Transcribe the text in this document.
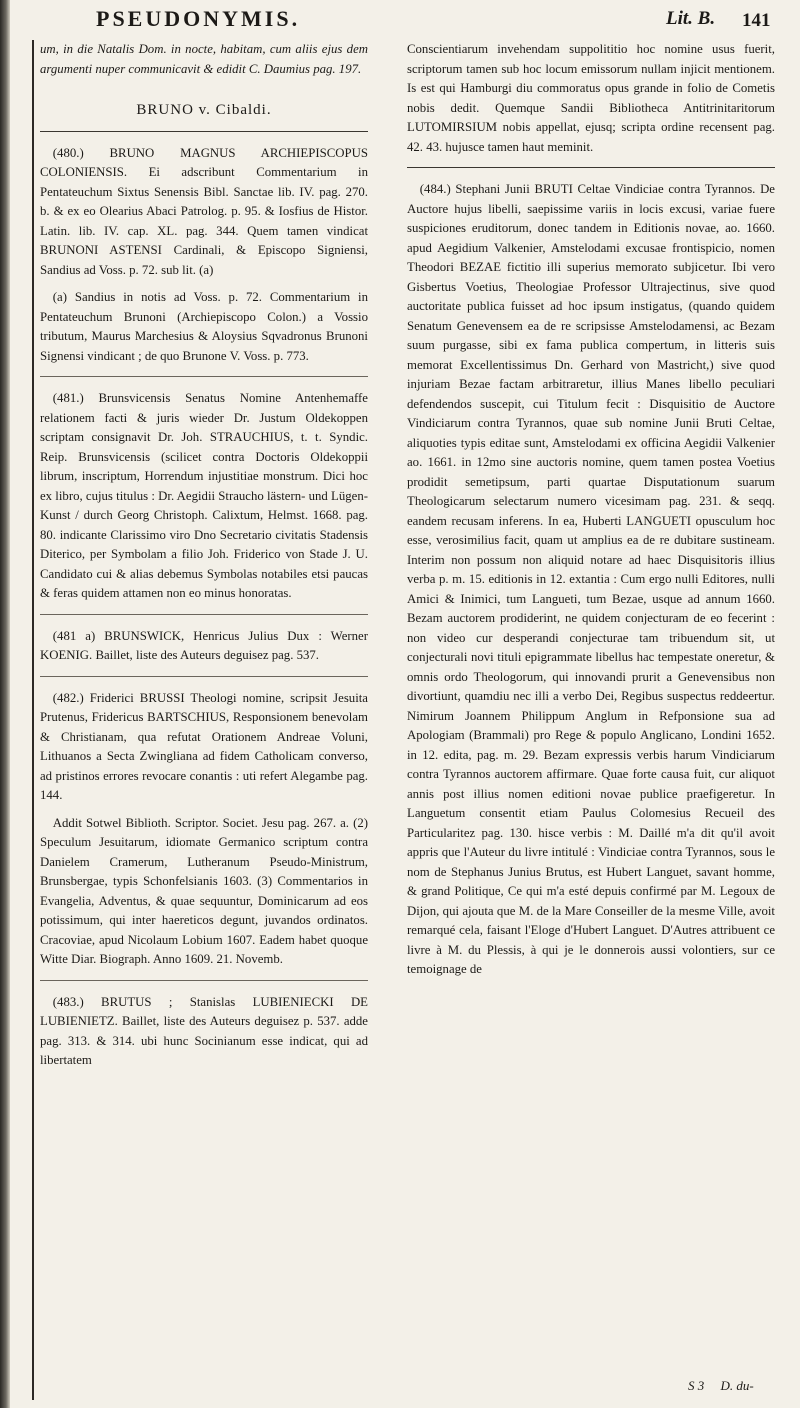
PSEUDONYMIS.	Lit. B. 141

um, in die Natalis Dom. in nocte, habitam, cum aliis ejus dem argumenti nuper communicavit & edidit C. Daumius pag. 197.

BRUNO v. Cibaldi.

(480.) BRUNO MAGNUS ARCHIEPISCOPUS COLONIENSIS. Ei adscribunt Commentarium in Pentateuchum Sixtus Senensis Bibl. Sanctae lib. IV. pag. 270. b. & ex eo Olearius Abaci Patrolog. p. 95. & Iosfius de Histor. Latin. lib. IV. cap. XL. pag. 344. Quem tamen vindicat BRUNONI ASTENSI Cardinali, & Episcopo Signiensi, Sandius ad Voss. p. 72. sub lit. (a)

(a) Sandius in notis ad Voss. p. 72. Commentarium in Pentateuchum Brunoni (Archiepiscopo Colon.) a Vossio tributum, Maurus Marchesius & Aloysius Sqvadronus Brunoni Signensi vindicant ; de quo Brunone V. Voss. p. 773.

(481.) Brunsvicensis Senatus Nomine Antenhemaffe relationem facti & juris wieder Dr. Justum Oldekoppen scriptam consignavit Dr. Joh. STRAUCHIUS, t. t. Syndic. Reip. Brunsvicensis (scilicet contra Doctoris Oldekoppii librum, inscriptum, Horrendum injustitiae monstrum. Dici hoc ex libro, cujus titulus : Dr. Aegidii Straucho lästern- und Lügen-Kunst / durch Georg Christoph. Calixtum, Helmst. 1668. pag. 80. indicante Clarissimo viro Dno Secretario civitatis Stadensis Diterico, per Symbolam a filio Joh. Friderico von Stade J. U. Candidato cui & alias debemus Symbolas notabiles etsi paucas & feras quidem attamen non eo minus honoratas.

(481 a) BRUNSWICK, Henricus Julius Dux : Werner KOENIG. Baillet, liste des Auteurs deguisez pag. 537.

(482.) Friderici BRUSSI Theologi nomine, scripsit Jesuita Prutenus, Fridericus BARTSCHIUS, Responsionem benevolam & Christianam, qua refutat Orationem Andreae Voluni, Lithuanos a Secta Zwingliana ad fidem Catholicam converso, ad pristinos errores revocare conantis : uti refert Alegambe pag. 144.

Addit Sotwel Biblioth. Scriptor. Societ. Jesu pag. 267. a. (2) Speculum Jesuitarum, idiomate Germanico scriptum contra Danielem Cramerum, Lutheranum Pseudo-Ministrum, Brunsbergae, typis Schonfelsianis 1603. (3) Commentarios in Evangelia, Adventus, & quae sequuntur, Dominicarum ad eos potissimum, qui inter haereticos degunt, juvandos ordinatos. Cracoviae, apud Nicolaum Lobium 1607. Eadem habet quoque Witte Diar. Biograph. Anno 1609. 21. Novemb.

(483.) BRUTUS ; Stanislas LUBIENIECKI DE LUBIENIETZ. Baillet, liste des Auteurs deguisez p. 537. adde pag. 313. & 314. ubi hunc Socinianum esse indicat, qui ad libertatem

Conscientiarum invehendam suppolititio hoc nomine usus fuerit, scriptorum tamen sub hoc locum emissorum nullam injicit mentionem. Is est qui Hamburgi diu commoratus opus grande in folio de Cometis nobis dedit. Quemque Sandii Bibliotheca Antitrinitaritorum LUTOMIRSIUM nobis appellat, ejusq; scripta ordine recensent pag. 42. 43. hujusce tamen haut meminit.

(484.) Stephani Junii BRUTI Celtae Vindiciae contra Tyrannos. De Auctore hujus libelli, saepissime variis in locis excusi, variae fuere suspiciones eruditorum, donec tandem in Editionis novae, ao. 1660. apud Aegidium Valkenier, Amstelodami excusae frontispicio, nomen Theodori BEZAE fictitio illi superius memorato subjicetur. Ibi vero Gisbertus Voetius, Theologiae Professor Ultrajectinus, sive quod auctoritate publica fuisset ad hoc ipsum instigatus, (quando quidem Senatum Genevensem ea de re scripsisse Amstelodamensi, ac Bezam suum purgasse, sibi ex fama publica compertum, in litteris suis memorat Excellentissimus Dn. Gerhard von Mastricht,) sive quod injuriam Bezae factam arbitraretur, illius Manes libello peculiari defendendos suscepit, cui Titulum fecit : Disquisitio de Auctore Vindiciarum contra Tyrannos, quae sub nomine Junii Bruti Celtae, aliquoties typis editae sunt, Amstelodami ex officina Aegidii Valkenier ao. 1661. in 12mo sine auctoris nomine, quem tamen postea Voetius prodidit semetipsum, parti quartae Disputationum suarum Theologicarum selectarum numero vicesimam pag. 231. & seqq. eandem recusam inferens. In ea, Huberti LANGUETI opusculum hoc esse, verosimilius facit, quam ut amplius ea de re dubitare sustineam. Interim non possum non aliquid notare ad haec Disquisitoris illius verba p. m. 15. editionis in 12. extantia : Cum ergo nulli Editores, nulli Amici & Inimici, tum Langueti, tum Bezae, usque ad annum 1660. Bezam auctorem prodiderint, ne quidem conjecturam de eo fecerint : non video cur desperandi conjecturae tam tribuendum sit, ut conjecturali novi tituli epigrammate libellus hac tempestate oneretur, & omnis ordo Theologorum, qui innovandi prurit a Genevensibus non divortiunt, quamdiu nec illi a verbo Dei, Regibus suspectus reddeertur. Nimirum Joannem Philippum Anglum in Refponsione sua ad Apologiam (Brammali) pro Rege & populo Anglicano, Londini 1652. in 12. edita, pag. m. 29. Bezam expressis verbis harum Vindiciarum contra Tyrannos auctorem affirmare. Quae forte causa fuit, cur aliquot annis post illius nomen editioni novae publice praefigeretur. In Languetum consentit etiam Paulus Colomesius Recueil des Particularitez pag. 130. hisce verbis : M. Daillé m'a dit qu'il avoit appris que l'Auteur du livre intitulé : Vindiciae contra Tyrannos, sous le nom de Stephanus Junius Brutus, est Hubert Languet, savant homme, & grand Politique, Ce qui m'a esté depuis confirmé par M. Legoux de Dijon, qui ajouta que M. de la Mare Conseiller de la mesme Ville, avoit remarqué cela, faisant l'Eloge d'Hubert Languet. D'Autres attribuent ce livre à M. du Plessis, à qui je le donnerois aussi volontiers, sur ce temoignage de

S 3 D. du-
